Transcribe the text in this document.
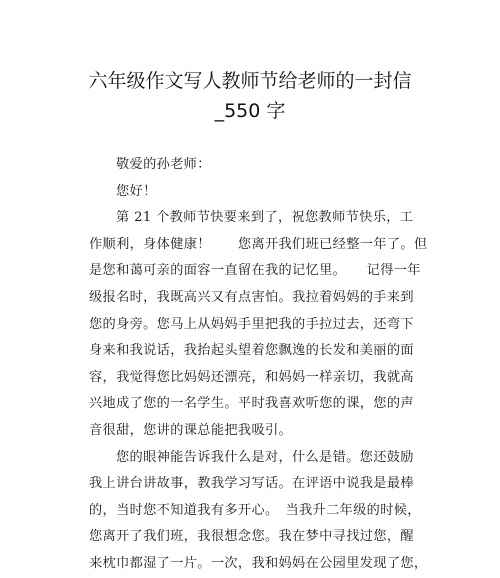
六年级作文写人教师节给老师的一封信
_550 字
敬爱的孙老师：
您好！
第 21 个教师节快要来到了，祝您教师节快乐，工
作顺利，身体健康！　　您离开我们班已经整一年了。但
是您和蔼可亲的面容一直留在我的记忆里。　　记得一年
级报名时，我既高兴又有点害怕。我拉着妈妈的手来到
您的身旁。您马上从妈妈手里把我的手拉过去，还弯下
身来和我说话，我抬起头望着您飘逸的长发和美丽的面
容，我觉得您比妈妈还漂亮，和妈妈一样亲切，我就高
兴地成了您的一名学生。平时我喜欢听您的课，您的声
音很甜，您讲的课总能把我吸引。
您的眼神能告诉我什么是对，什么是错。您还鼓励
我上讲台讲故事，教我学习写话。在评语中说我是最棒
的，当时您不知道我有多开心。　当我升二年级的时候，
您离开了我们班，我很想念您。我在梦中寻找过您，醒
来枕巾都湿了一片。一次，我和妈妈在公园里发现了您，
